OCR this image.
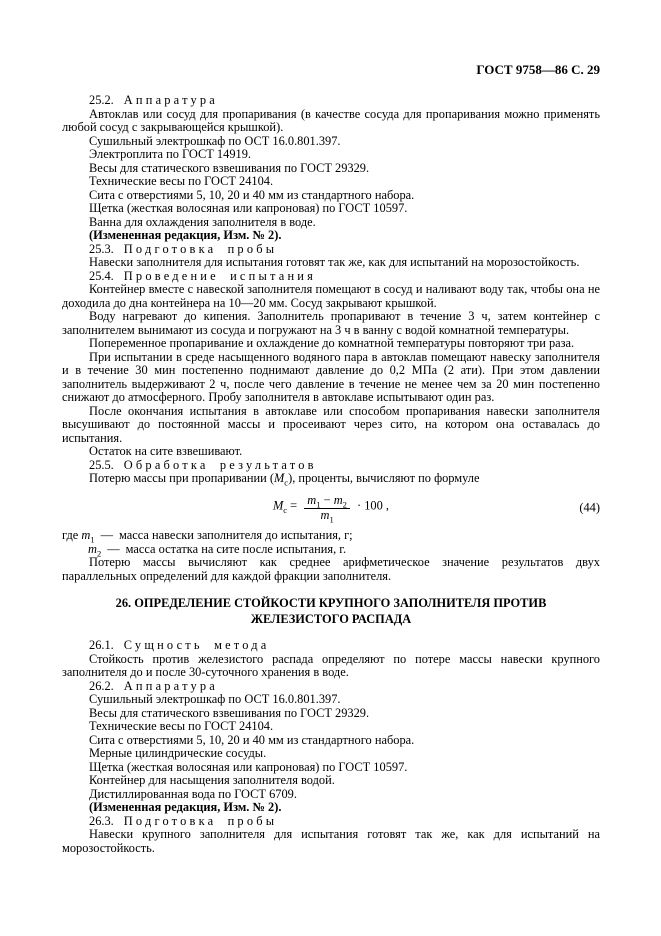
ГОСТ 9758—86 С. 29

25.2. Аппаратура

Автоклав или сосуд для пропаривания (в качестве сосуда для пропаривания можно применять любой сосуд с закрывающейся крышкой).

Сушильный электрошкаф по ОСТ 16.0.801.397.

Электроплита по ГОСТ 14919.

Весы для статического взвешивания по ГОСТ 29329.

Технические весы по ГОСТ 24104.

Сита с отверстиями 5, 10, 20 и 40 мм из стандартного набора.

Щетка (жесткая волосяная или капроновая) по ГОСТ 10597.

Ванна для охлаждения заполнителя в воде.

(Измененная редакция, Изм. № 2).

25.3. Подготовка пробы

Навески заполнителя для испытания готовят так же, как для испытаний на морозостойкость.

25.4. Проведение испытания

Контейнер вместе с навеской заполнителя помещают в сосуд и наливают воду так, чтобы она не доходила до дна контейнера на 10—20 мм. Сосуд закрывают крышкой.

Воду нагревают до кипения. Заполнитель пропаривают в течение 3 ч, затем контейнер с заполнителем вынимают из сосуда и погружают на 3 ч в ванну с водой комнатной температуры.

Попеременное пропаривание и охлаждение до комнатной температуры повторяют три раза.

При испытании в среде насыщенного водяного пара в автоклав помещают навеску заполнителя и в течение 30 мин постепенно поднимают давление до 0,2 МПа (2 ати). При этом давлении заполнитель выдерживают 2 ч, после чего давление в течение не менее чем за 20 мин постепенно снижают до атмосферного. Пробу заполнителя в автоклаве испытывают один раз.

После окончания испытания в автоклаве или способом пропаривания навески заполнителя высушивают до постоянной массы и просеивают через сито, на котором она оставалась до испытания.

Остаток на сите взвешивают.

25.5. Обработка результатов

Потерю массы при пропаривании $(М_с)$, проценты, вычисляют по формуле

$M_c = \frac{m_1 - m_2}{m_1} \cdot 100$ ,	(44)

где $m_1$ — масса навески заполнителя до испытания, г;

$m_2$ — масса остатка на сите после испытания, г.

Потерю массы вычисляют как среднее арифметическое значение результатов двух параллельных определений для каждой фракции заполнителя.

26. ОПРЕДЕЛЕНИЕ СТОЙКОСТИ КРУПНОГО ЗАПОЛНИТЕЛЯ ПРОТИВ
ЖЕЛЕЗИСТОГО РАСПАДА

26.1. Сущность метода

Стойкость против железистого распада определяют по потере массы навески крупного заполнителя до и после 30-суточного хранения в воде.

26.2. Аппаратура

Сушильный электрошкаф по ОСТ 16.0.801.397.

Весы для статического взвешивания по ГОСТ 29329.

Технические весы по ГОСТ 24104.

Сита с отверстиями 5, 10, 20 и 40 мм из стандартного набора.

Мерные цилиндрические сосуды.

Щетка (жесткая волосяная или капроновая) по ГОСТ 10597.

Контейнер для насыщения заполнителя водой.

Дистиллированная вода по ГОСТ 6709.

(Измененная редакция, Изм. № 2).

26.3. Подготовка пробы

Навески крупного заполнителя для испытания готовят так же, как для испытаний на морозостойкость.
